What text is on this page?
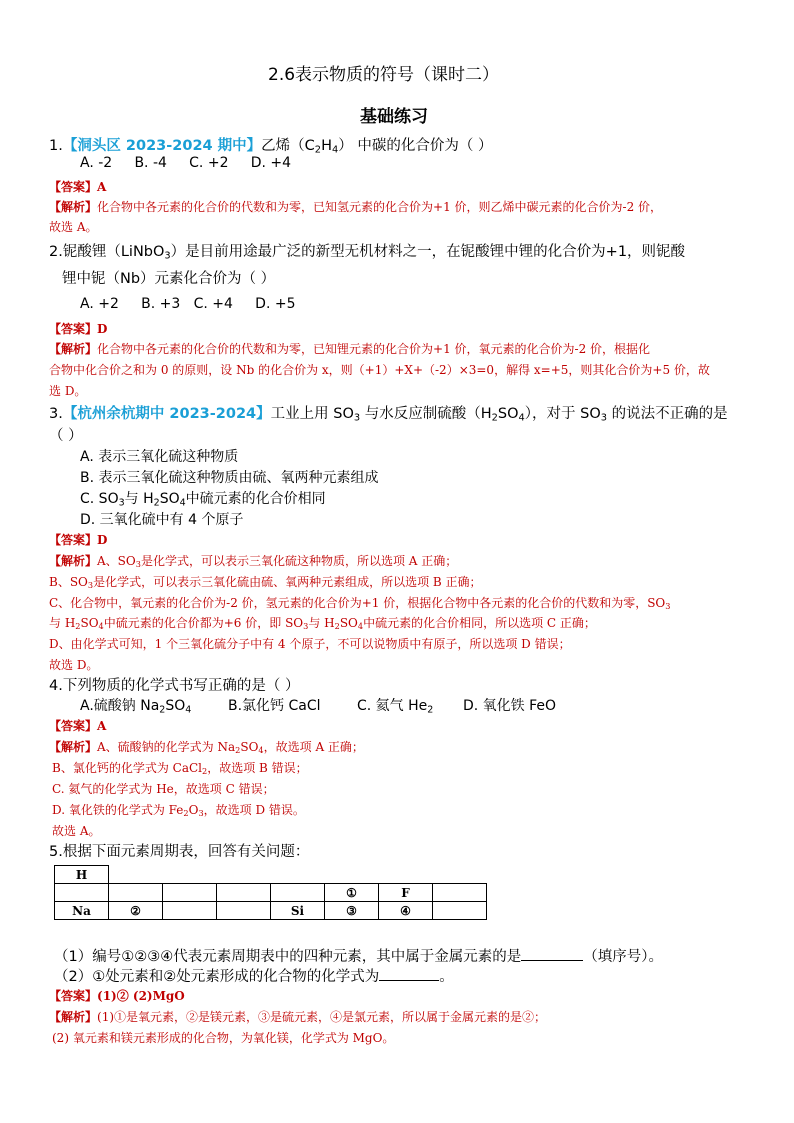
2.6表示物质的符号（课时二）
基础练习
1.【洞头区 2023-2024 期中】乙烯$(C_2H_4)$ 中碳的化合价为（ ）
A. -2     B. -4     C. +2     D. +4
【答案】A
【解析】化合物中各元素的化合价的代数和为零，已知氢元素的化合价为+1 价，则乙烯中碳元素的化合价为-2 价，
故选 A。
2.铌酸锂（LiNbO$_3$）是目前用途最广泛的新型无机材料之一，在铌酸锂中锂的化合价为+1，则铌酸
锂中铌（Nb）元素化合价为（ ）
A. +2     B. +3   C. +4     D. +5
【答案】D
【解析】化合物中各元素的化合价的代数和为零，已知锂元素的化合价为+1 价，氧元素的化合价为-2 价，根据化
合物中化合价之和为 0 的原则，设 Nb 的化合价为 x，则（+1）+X+（-2）×3=0，解得 x=+5，则其化合价为+5 价，故
选 D。
3.【杭州余杭期中 2023-2024】工业上用 $SO_3$ 与水反应制硫酸$(H_2SO_4)$，对于 $SO_3$ 的说法不正确的是
（ ）
A. 表示三氧化硫这种物质
B. 表示三氧化硫这种物质由硫、氧两种元素组成
C. $SO_3$与 $H_2SO_4$中硫元素的化合价相同
D. 三氧化硫中有 4 个原子
【答案】D
【解析】A、$SO_3$是化学式，可以表示三氧化硫这种物质，所以选项 A 正确；
B、$SO_3$是化学式，可以表示三氧化硫由硫、氧两种元素组成，所以选项 B 正确；
C、化合物中，氧元素的化合价为-2 价，氢元素的化合价为+1 价，根据化合物中各元素的化合价的代数和为零，$SO_3$
与 $H_2SO_4$中硫元素的化合价都为+6 价，即 $SO_3$与 $H_2SO_4$中硫元素的化合价相同，所以选项 C 正确；
D、由化学式可知，1 个三氧化硫分子中有 4 个原子，不可以说物质中有原子，所以选项 D 错误；
故选 D。
4.下列物质的化学式书写正确的是（ ）
A.硫酸钠 $Na_2SO_4$	B.氯化钙 CaCl	C. 氦气 $He_2$ D. 氧化铁 FeO
【答案】A
【解析】A、硫酸钠的化学式为 $Na_2SO_4$，故选项 A 正确；
B、氯化钙的化学式为 CaCl$_2$，故选项 B 错误；
C. 氦气的化学式为 He，故选项 C 错误；
D. 氧化铁的化学式为 $Fe_2O_3$，故选项 D 错误。
故选 A。
5.根据下面元素周期表，回答有关问题：
H							
					①	F	
Na	②			Si	③	④	
（1）编号①②③④代表元素周期表中的四种元素，其中属于金属元素的是	（填序号）。
（2）①处元素和②处元素形成的化合物的化学式为	。
【答案】(1)② (2)MgO
【解析】(1)①是氧元素，②是镁元素，③是硫元素，④是氯元素，所以属于金属元素的是②；
(2) 氧元素和镁元素形成的化合物，为氧化镁，化学式为 MgO。
